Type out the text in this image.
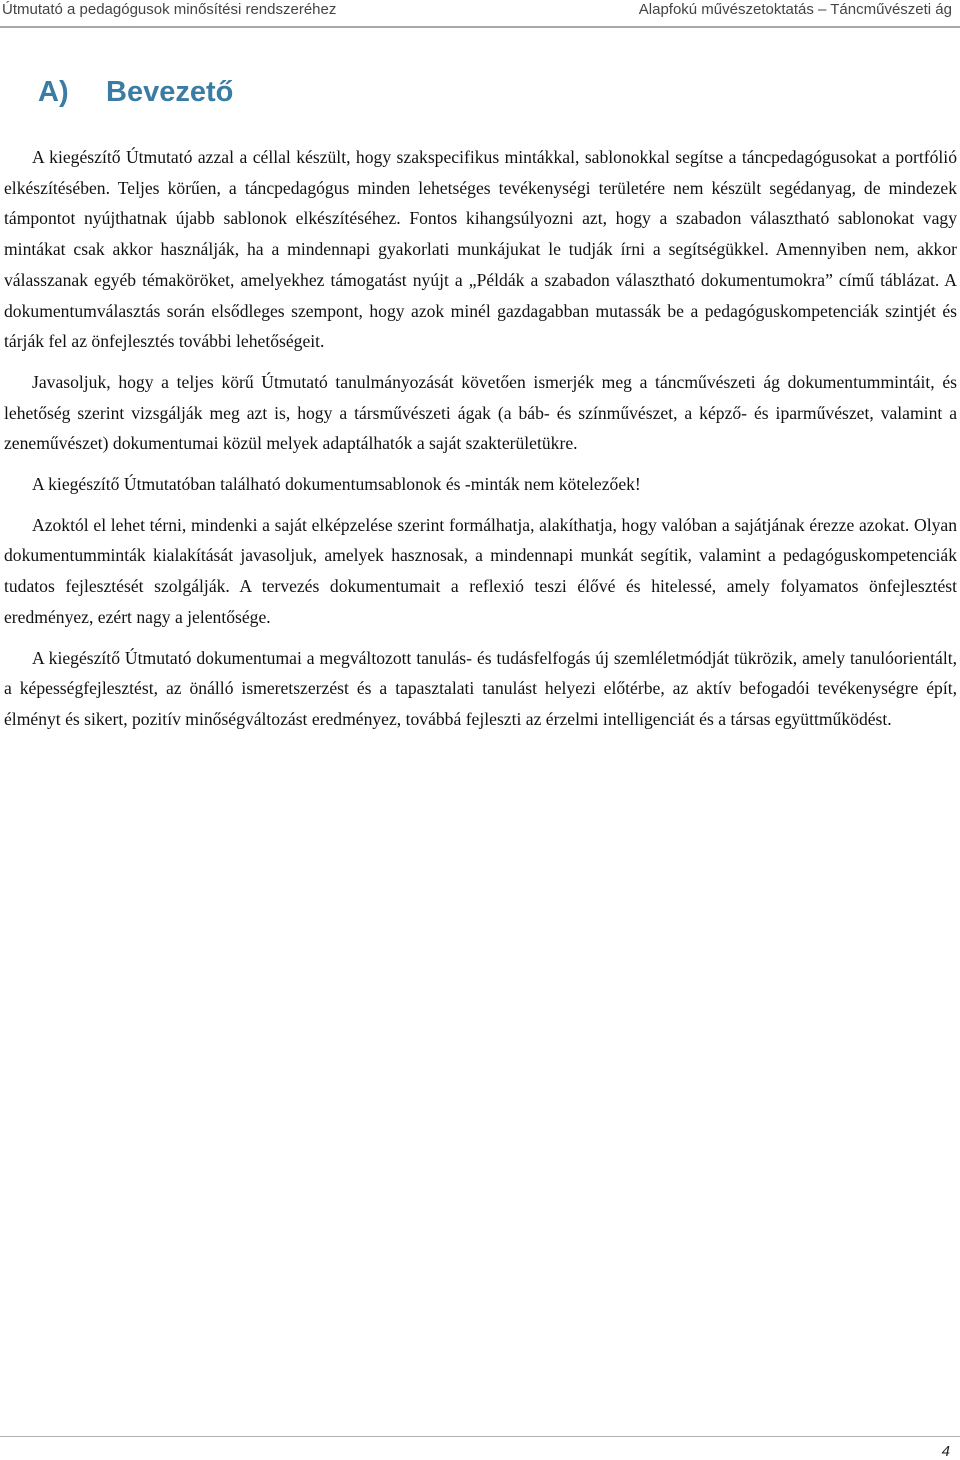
Útmutató a pedagógusok minősítési rendszeréhez	Alapfokú művészetoktatás – Táncművészeti ág
A) Bevezető

A kiegészítő Útmutató azzal a céllal készült, hogy szakspecifikus mintákkal, sablonokkal segítse a táncpedagógusokat a portfólió elkészítésében. Teljes körűen, a táncpedagógus minden lehetséges tevékenységi területére nem készült segédanyag, de mindezek támpontot nyújthatnak újabb sablonok elkészítéséhez. Fontos kihangsúlyozni azt, hogy a szabadon választható sablonokat vagy mintákat csak akkor használják, ha a mindennapi gyakorlati munkájukat le tudják írni a segítségükkel. Amennyiben nem, akkor válasszanak egyéb témaköröket, amelyekhez támogatást nyújt a „Példák a szabadon választható dokumentumokra” című táblázat. A dokumentumválasztás során elsődleges szempont, hogy azok minél gazdagabban mutassák be a pedagóguskompetenciák szintjét és tárják fel az önfejlesztés további lehetőségeit.

Javasoljuk, hogy a teljes körű Útmutató tanulmányozását követően ismerjék meg a táncművészeti ág dokumentummintáit, és lehetőség szerint vizsgálják meg azt is, hogy a társművészeti ágak (a báb- és színművészet, a képző- és iparművészet, valamint a zeneművészet) dokumentumai közül melyek adaptálhatók a saját szakterületükre.

A kiegészítő Útmutatóban található dokumentumsablonok és -minták nem kötelezőek!

Azoktól el lehet térni, mindenki a saját elképzelése szerint formálhatja, alakíthatja, hogy valóban a sajátjának érezze azokat. Olyan dokumentumminták kialakítását javasoljuk, amelyek hasznosak, a mindennapi munkát segítik, valamint a pedagóguskompetenciák tudatos fejlesztését szolgálják. A tervezés dokumentumait a reflexió teszi élővé és hitelessé, amely folyamatos önfejlesztést eredményez, ezért nagy a jelentősége.

A kiegészítő Útmutató dokumentumai a megváltozott tanulás- és tudásfelfogás új szemléletmódját tükrözik, amely tanulóorientált, a képességfejlesztést, az önálló ismeretszerzést és a tapasztalati tanulást helyezi előtérbe, az aktív befogadói tevékenységre épít, élményt és sikert, pozitív minőségváltozást eredményez, továbbá fejleszti az érzelmi intelligenciát és a társas együttműködést.

4
